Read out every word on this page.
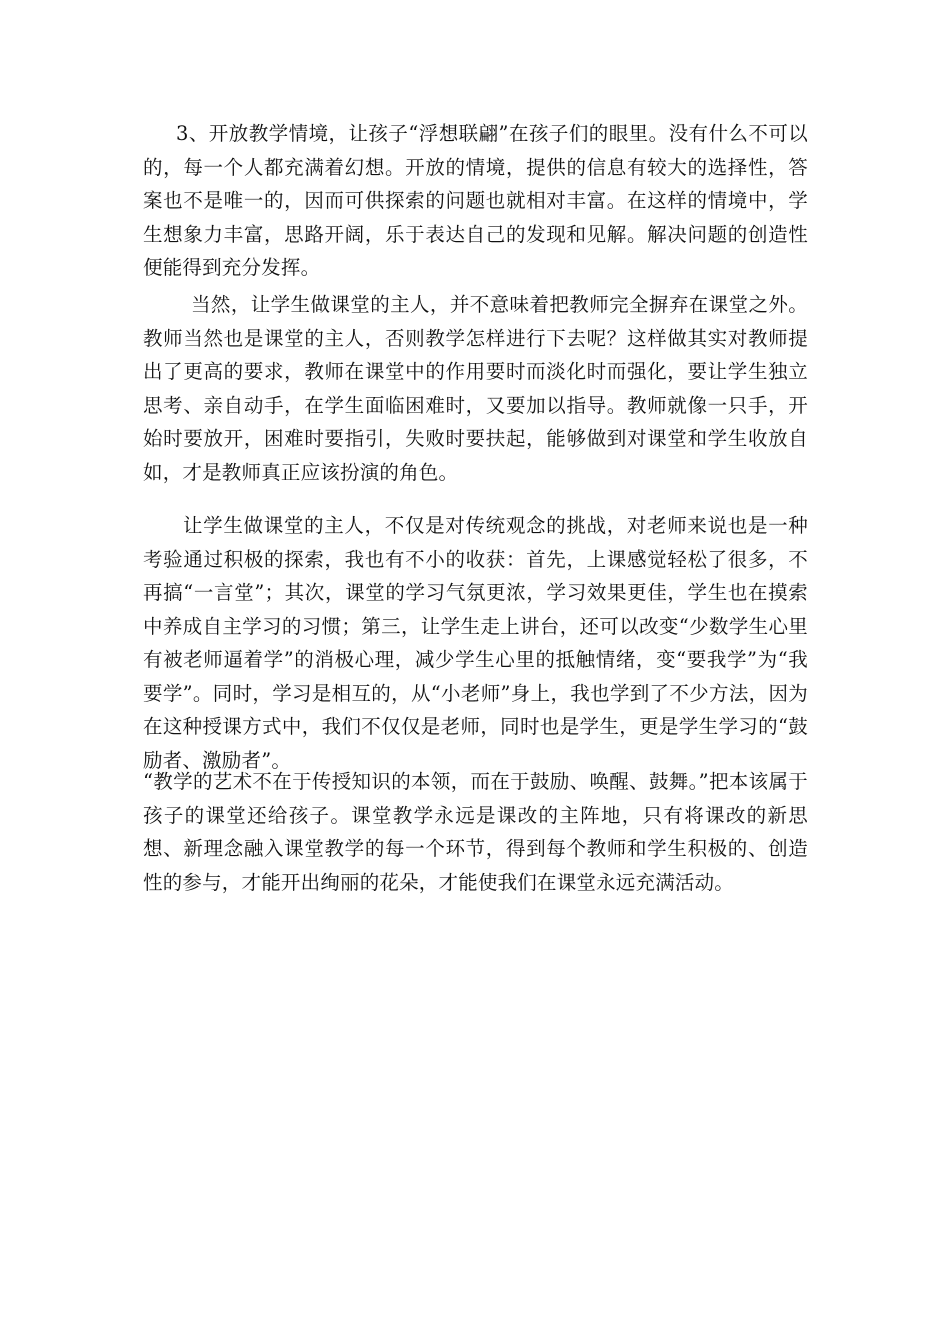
3、开放教学情境，让孩子“浮想联翩”在孩子们的眼里。没有什么不可以的，每一个人都充满着幻想。开放的情境，提供的信息有较大的选择性，答案也不是唯一的，因而可供探索的问题也就相对丰富。在这样的情境中，学生想象力丰富，思路开阔，乐于表达自己的发现和见解。解决问题的创造性便能得到充分发挥。

当然，让学生做课堂的主人，并不意味着把教师完全摒弃在课堂之外。教师当然也是课堂的主人，否则教学怎样进行下去呢？这样做其实对教师提出了更高的要求，教师在课堂中的作用要时而淡化时而强化，要让学生独立思考、亲自动手，在学生面临困难时，又要加以指导。教师就像一只手，开始时要放开，困难时要指引，失败时要扶起，能够做到对课堂和学生收放自如，才是教师真正应该扮演的角色。

让学生做课堂的主人，不仅是对传统观念的挑战，对老师来说也是一种考验通过积极的探索，我也有不小的收获：首先，上课感觉轻松了很多，不再搞“一言堂”；其次，课堂的学习气氛更浓，学习效果更佳，学生也在摸索中养成自主学习的习惯；第三，让学生走上讲台，还可以改变“少数学生心里有被老师逼着学”的消极心理，减少学生心里的抵触情绪，变“要我学”为“我要学”。同时，学习是相互的，从“小老师”身上，我也学到了不少方法，因为在这种授课方式中，我们不仅仅是老师，同时也是学生，更是学生学习的“鼓励者、激励者”。

“教学的艺术不在于传授知识的本领，而在于鼓励、唤醒、鼓舞。”把本该属于孩子的课堂还给孩子。课堂教学永远是课改的主阵地，只有将课改的新思想、新理念融入课堂教学的每一个环节，得到每个教师和学生积极的、创造性的参与，才能开出绚丽的花朵，才能使我们在课堂永远充满活动。
